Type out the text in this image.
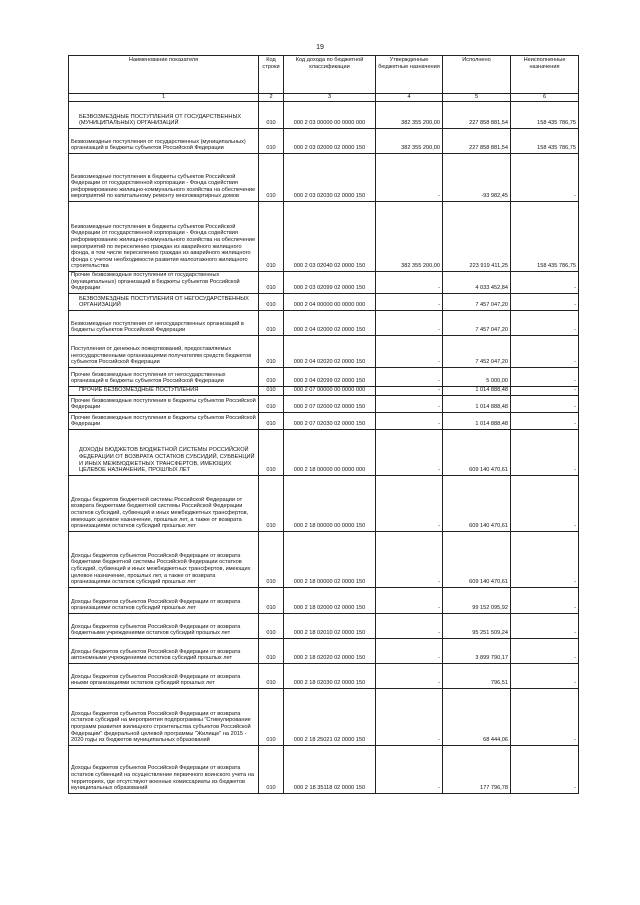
19
Наименование показателя	Код строки	Код дохода по бюджетной классификации	Утвержденные бюджетные назначения	Исполнено	Неисполненные назначения
1	2	3	4	5	6
БЕЗВОЗМЕЗДНЫЕ ПОСТУПЛЕНИЯ ОТ ГОСУДАРСТВЕННЫХ (МУНИЦИПАЛЬНЫХ) ОРГАНИЗАЦИЙ	010	000 2 03 00000 00 0000 000	382 355 200,00	227 858 881,54	158 435 786,75
Безвозмездные поступления от государственных (муниципальных) организаций в бюджеты субъектов Российской Федерации	010	000 2 03 02000 02 0000 150	382 355 200,00	227 858 881,54	158 435 786,75
Безвозмездные поступления в бюджеты субъектов Российской Федерации от государственной корпорации - Фонда содействия реформированию жилищно-коммунального хозяйства на обеспечение мероприятий по капитальному ремонту многоквартирных домов	010	000 2 03 02030 02 0000 150	-	-93 982,45	-
Безвозмездные поступления в бюджеты субъектов Российской Федерации от государственной корпорации - Фонда содействия реформированию жилищно-коммунального хозяйства на обеспечение мероприятий по переселению граждан из аварийного жилищного фонда, в том числе переселению граждан из аварийного жилищного фонда с учетом необходимости развития малоэтажного жилищного строительства	010	000 2 03 02040 02 0000 150	382 355 200,00	223 919 411,25	158 435 786,75
Прочие безвозмездные поступления от государственных (муниципальных) организаций в бюджеты субъектов Российской Федерации	010	000 2 03 02099 02 0000 150	-	4 033 452,84	-
БЕЗВОЗМЕЗДНЫЕ ПОСТУПЛЕНИЯ ОТ НЕГОСУДАРСТВЕННЫХ ОРГАНИЗАЦИЙ	010	000 2 04 00000 00 0000 000	-	7 457 047,20	-
Безвозмездные поступления от негосударственных организаций в бюджеты субъектов Российской Федерации	010	000 2 04 02000 02 0000 150	-	7 457 047,20	-
Поступления от денежных пожертвований, предоставляемых негосударственными организациями получателям средств бюджетов субъектов Российской Федерации	010	000 2 04 02020 02 0000 150	-	7 452 047,20	-
Прочие безвозмездные поступления от негосударственных организаций в бюджеты субъектов Российской Федерации	010	000 2 04 02099 02 0000 150	-	5 000,00	-
ПРОЧИЕ БЕЗВОЗМЕЗДНЫЕ ПОСТУПЛЕНИЯ	010	000 2 07 00000 00 0000 000	-	1 014 888,48	-
Прочие безвозмездные поступления в бюджеты субъектов Российской Федерации	010	000 2 07 02000 02 0000 150	-	1 014 888,48	-
Прочие безвозмездные поступления в бюджеты субъектов Российской Федерации	010	000 2 07 02030 02 0000 150	-	1 014 888,48	-
ДОХОДЫ БЮДЖЕТОВ БЮДЖЕТНОЙ СИСТЕМЫ РОССИЙСКОЙ ФЕДЕРАЦИИ ОТ ВОЗВРАТА ОСТАТКОВ СУБСИДИЙ, СУБВЕНЦИЙ И ИНЫХ МЕЖБЮДЖЕТНЫХ ТРАНСФЕРТОВ, ИМЕЮЩИХ ЦЕЛЕВОЕ НАЗНАЧЕНИЕ, ПРОШЛЫХ ЛЕТ	010	000 2 18 00000 00 0000 000	-	609 140 470,61	-
Доходы бюджетов бюджетной системы Российской Федерации от возврата бюджетами бюджетной системы Российской Федерации остатков субсидий, субвенций и иных межбюджетных трансфертов, имеющих целевое назначение, прошлых лет, а также от возврата организациями остатков субсидий прошлых лет	010	000 2 18 00000 00 0000 150	-	609 140 470,61	-
Доходы бюджетов субъектов Российской Федерации от возврата бюджетами бюджетной системы Российской Федерации остатков субсидий, субвенций и иных межбюджетных трансфертов, имеющих целевое назначение, прошлых лет, а также от возврата организациями остатков субсидий прошлых лет	010	000 2 18 00000 02 0000 150	-	609 140 470,61	-
Доходы бюджетов субъектов Российской Федерации от возврата организациями остатков субсидий прошлых лет	010	000 2 18 02000 02 0000 150	-	99 152 095,92	-
Доходы бюджетов субъектов Российской Федерации от возврата бюджетными учреждениями остатков субсидий прошлых лет	010	000 2 18 02010 02 0000 150	-	95 251 509,24	-
Доходы бюджетов субъектов Российской Федерации от возврата автономными учреждениями остатков субсидий прошлых лет	010	000 2 18 02020 02 0000 150	-	3 899 790,17	-
Доходы бюджетов субъектов Российской Федерации от возврата иными организациями остатков субсидий прошлых лет	010	000 2 18 02030 02 0000 150	-	796,51	-
Доходы бюджетов субъектов Российской Федерации от возврата остатков субсидий на мероприятия подпрограммы "Стимулирование программ развития жилищного строительства субъектов Российской Федерации" федеральной целевой программы "Жилище" на 2015 - 2020 годы из бюджетов муниципальных образований	010	000 2 18 25021 02 0000 150	-	68 444,06	-
Доходы бюджетов субъектов Российской Федерации от возврата остатков субвенций на осуществление первичного воинского учета на территориях, где отсутствуют военные комиссариаты из бюджетов муниципальных образований	010	000 2 18 35118 02 0000 150	-	177 796,78	-
